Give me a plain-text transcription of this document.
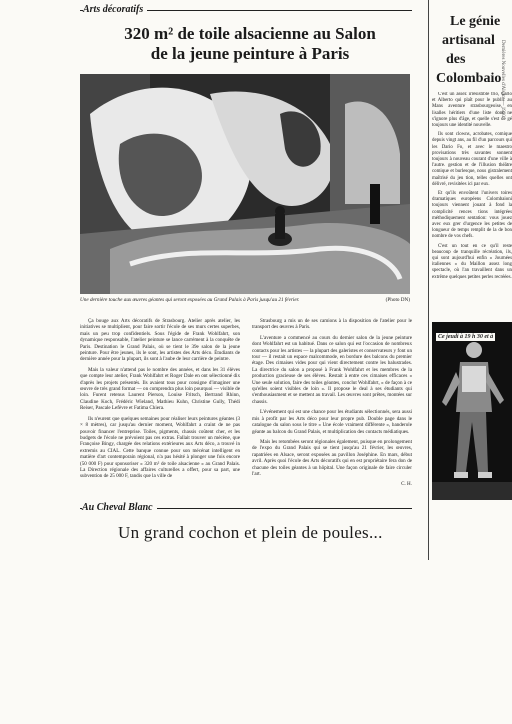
Arts décoratifs
320 m² de toile alsacienne au Salon
de la jeune peinture à Paris
Une dernière touche aux œuvres géantes qui seront exposées au Grand Palais à Paris jusqu'au 21 février.	(Photo DN)

Ça bouge aux Arts décoratifs de Strasbourg. Atelier après atelier, les initiatives se multiplient, pour faire sortir l'école de ses murs certes superbes, mais un peu trop confidentiels. Sous l'égide de Frank Wohlfahrt, son dynamique responsable, l'atelier peinture se lance carrément à la conquête de Paris. Destination le Grand Palais, où se tient le 39e salon de la jeune peinture. Pour être jeunes, ils le sont, les artistes des Arts déco. Étudiants de dernière année pour la plupart, ils sont à l'aube de leur carrière de peintre.

Mais la valeur n'attend pas le nombre des années, et dans les 31 élèves que compte leur atelier, Frank Wohlfahrt et Roger Dale en ont sélectionné dix d'après les projets présentés. Ils avaient tous pour consigne d'imaginer une œuvre de très grand format — on comprendra plus loin pourquoi — visible de loin. Furent retenus Laurent Pierson, Louise Fritsch, Bertrand Rhinn, Claudine Koch, Frédéric Wieland, Mathieu Kuhn, Christine Gully, Thédi Reiser, Pascale Lefèvre et Fatima Chiera.

Ils n'eurent que quelques semaines pour réaliser leurs peintures géantes (3 × 8 mètres), car jusqu'au dernier moment, Wohlfahrt a craint de ne pas pouvoir financer l'entreprise. Toiles, pigments, chassis coûtent cher, et les budgets de l'école ne prévoient pas ces extras. Fallait trouver un mécène, que Françoise Bingy, chargée des relations extérieures aux Arts déco, a trouvé in extremis au CIAL. Cette banque connue pour son mécénat intelligent en matière d'art contemporain régional, n'a pas hésité à plonger une fois encore (50 000 F) pour sponsoriser « 320 m² de toile alsacienne » au Grand Palais. La Direction régionale des affaires culturelles a offert, pour sa part, une subvention de 25 000 F, tandis que la ville de

Strasbourg a mis un de ses camions à la disposition de l'atelier pour le transport des œuvres à Paris.

L'aventure a commencé au cours du dernier salon de la jeune peinture dont Wohlfahrt est un habitué. Dans ce salon qui est l'occasion de nombreux contacts pour les artistes — la plupart des galeristes et conservateurs y font un tour — il restait un espace malcommode, en bordure des balcons du premier étage. Des cimaises vides pour qui vient directement contre les balustrades. La directrice du salon a proposé à Frank Wohlfahrt et les membres de la production gracieuse de ses élèves. Restait à entre ces cimaises efficaces « Une seule solution, faire des toiles géantes, conclut Wohlfahrt, » de façon à ce qu'elles soient visibles de loin ». Il propose le deal à ses étudiants qui s'enthousiasment et se mettent au travail. Les œuvres sont prêtes, montées sur chassis.

L'événement qui est une chance pour les étudiants sélectionnés, sera aussi mis à profit par les Arts déco pour leur propre pub. Double page dans le catalogue du salon sous le titre « Une école vraiment différente », banderole géante au balcon du Grand Palais, et multiplication des contacts médiatiques.

Mais les retombées seront régionales également, puisque en prolongement de l'expo du Grand Palais qui se tient jusqu'au 21 février, les œuvres, rapatriées en Alsace, seront exposées au pavillon Joséphine. En mars, début avril. Après quoi l'école des Arts décoratifs qui en est propriétaire fera don de chacune des toiles géantes à un hôpital. Une façon originale de faire circuler l'art.

C. H.
Au Cheval Blanc
Un grand cochon et plein de poules...
Le génie
artisanal
des
Colombaio

C'est un assez irrésistible trio, Carlo et Alberto qui plaît pour le public au Mans aventure strasbourgeoise, en lisalles héritiers d'une liste dont ne s'ignore plus d'âge, et quelle s'est de gé toujours une identité nouvelle.

Ils sont clowns, acrobates, comique depuis vingt ans, au fil d'un parcours qui les Dario Fo, et avec le maestro provisations très savantes sonnent toujours à nouveau courant d'une ville à l'autre. gestion et de l'illusion théâtre comique et burlesque, nous gistralement maîtrisé du jeu tion, telles quelles ont délivré, revisitées ici par eux.

Et qu'ils envoûtent l'univers toires dramatiques européens Colombaioni toujours viennent jouant à fond la complicité rences tions intégrées méthodiquement sentation: vous jouez avec eux grer d'urgence les petites de longueur de temps remplit de la de bon nombre de vos chefs.

C'est un tout en ce qu'il reste beaucoup de tranquille récréation, ils, qui sont aujourd'hui enfin « Journées italiennes » du Maillon assez long spectacle, où l'an travaillent dans un extrême quelques petites perles recréées.

Ce jeudi à 19 h 30 et à
Dernières Nouvelles d'Alsace — 1990
